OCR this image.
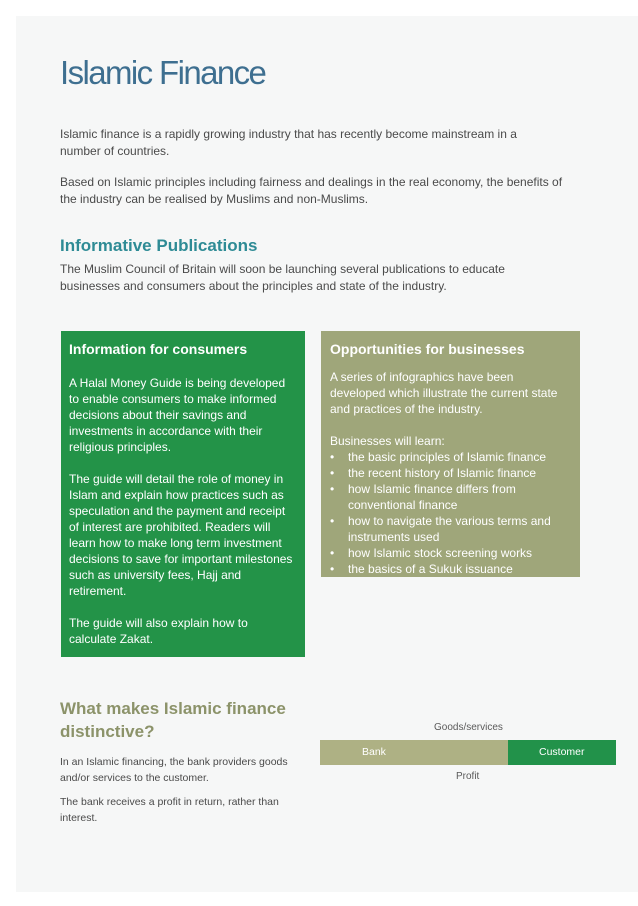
Islamic Finance

Islamic finance is a rapidly growing industry that has recently become mainstream in a number of countries.

Based on Islamic principles including fairness and dealings in the real economy, the benefits of the industry can be realised by Muslims and non-Muslims.

Informative Publications

The Muslim Council of Britain will soon be launching several publications to educate businesses and consumers about the principles and state of the industry.

Information for consumers

A Halal Money Guide is being developed to enable consumers to make informed decisions about their savings and investments in accordance with their religious principles.

The guide will detail the role of money in Islam and explain how practices such as speculation and the payment and receipt of interest are prohibited. Readers will learn how to make long term investment decisions to save for important milestones such as university fees, Hajj and retirement.

The guide will also explain how to calculate Zakat.

Opportunities for businesses

A series of infographics have been developed which illustrate the current state and practices of the industry.

Businesses will learn:
• the basic principles of Islamic finance
• the recent history of Islamic finance
• how Islamic finance differs from conventional finance
• how to navigate the various terms and instruments used
• how Islamic stock screening works
• the basics of a Sukuk issuance
What makes Islamic finance distinctive?

In an Islamic financing, the bank providers goods and/or services to the customer.

The bank receives a profit in return, rather than interest.

Goods/services
Bank	Customer
Profit
